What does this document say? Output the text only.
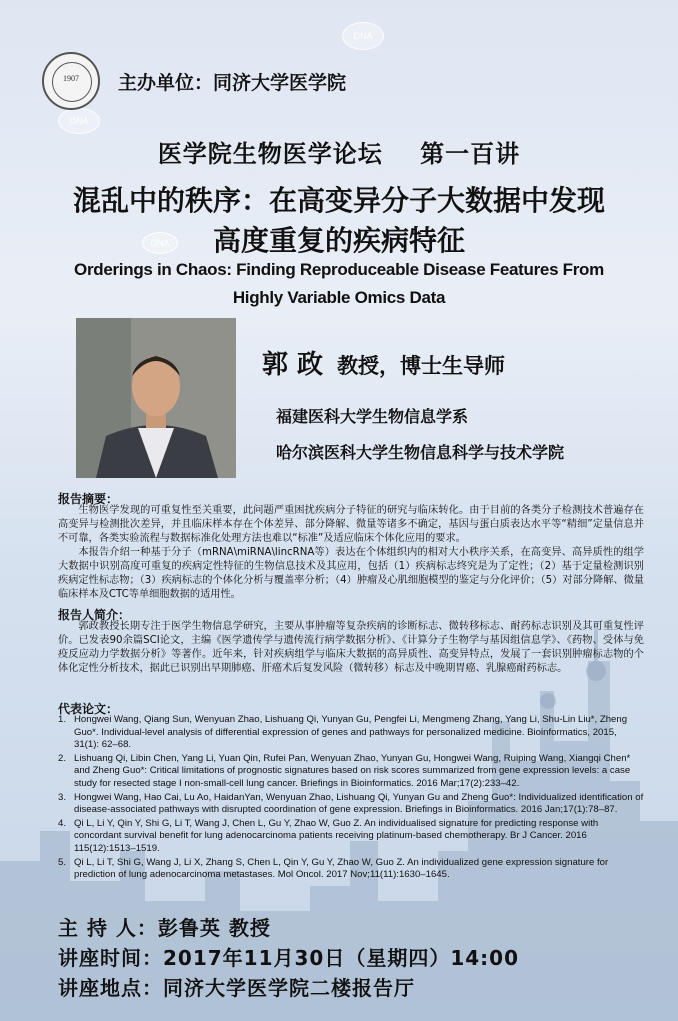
DNA
DNA
DNA
1907	主办单位：同济大学医学院
医学院生物医学论坛 第一百讲
混乱中的秩序：在高变异分子大数据中发现
高度重复的疾病特征
Orderings in Chaos: Finding Reproduceable Disease Features From
Highly Variable Omics Data
郭 政 教授，博士生导师
福建医科大学生物信息学系
哈尔滨医科大学生物信息科学与技术学院
报告摘要：

生物医学发现的可重复性至关重要，此问题严重困扰疾病分子特征的研究与临床转化。由于目前的各类分子检测技术普遍存在高变异与检测批次差异，并且临床样本存在个体差异、部分降解、微量等诸多不确定，基因与蛋白质表达水平等“精细”定量信息并不可靠，各类实验流程与数据标准化处理方法也难以“标准”及适应临床个体化应用的要求。

本报告介绍一种基于分子（mRNA\miRNA\lincRNA等）表达在个体组织内的相对大小秩序关系，在高变异、高异质性的组学大数据中识别高度可重复的疾病定性特征的生物信息技术及其应用，包括（1）疾病标志终究是为了定性；（2）基于定量检测识别疾病定性标志物；（3）疾病标志的个体化分析与覆盖率分析；（4）肿瘤及心肌细胞模型的鉴定与分化评价；（5）对部分降解、微量临床样本及CTC等单细胞数据的适用性。

报告人简介：

郭政教授长期专注于医学生物信息学研究，主要从事肿瘤等复杂疾病的诊断标志、微转移标志、耐药标志识别及其可重复性评价。已发表90余篇SCI论文，主编《医学遗传学与遗传流行病学数据分析》、《计算分子生物学与基因组信息学》、《药物、受体与免疫反应动力学数据分析》等著作。近年来，针对疾病组学与临床大数据的高异质性、高变异特点，发展了一套识别肿瘤标志物的个体化定性分析技术，据此已识别出早期肺癌、肝癌术后复发风险（微转移）标志及中晚期胃癌、乳腺癌耐药标志。

代表论文：
1. Hongwei Wang, Qiang Sun, Wenyuan Zhao, Lishuang Qi, Yunyan Gu, Pengfei Li, Mengmeng Zhang, Yang Li, Shu-Lin Liu*, Zheng Guo*. Individual-level analysis of differential expression of genes and pathways for personalized medicine. Bioinformatics, 2015, 31(1): 62–68.
2. Lishuang Qi, Libin Chen, Yang Li, Yuan Qin, Rufei Pan, Wenyuan Zhao, Yunyan Gu, Hongwei Wang, Ruiping Wang, Xiangqi Chen* and Zheng Guo*: Critical limitations of prognostic signatures based on risk scores summarized from gene expression levels: a case study for resected stage I non-small-cell lung cancer. Briefings in Bioinformatics. 2016 Mar;17(2):233–42.
3. Hongwei Wang, Hao Cai, Lu Ao, HaidanYan, Wenyuan Zhao, Lishuang Qi, Yunyan Gu and Zheng Guo*: Individualized identification of disease-associated pathways with disrupted coordination of gene expression. Briefings in Bioinformatics. 2016 Jan;17(1):78–87.
4. Qi L, Li Y, Qin Y, Shi G, Li T, Wang J, Chen L, Gu Y, Zhao W, Guo Z. An individualised signature for predicting response with concordant survival benefit for lung adenocarcinoma patients receiving platinum-based chemotherapy. Br J Cancer. 2016 115(12):1513–1519.
5. Qi L, Li T, Shi G, Wang J, Li X, Zhang S, Chen L, Qin Y, Gu Y, Zhao W, Guo Z. An individualized gene expression signature for prediction of lung adenocarcinoma metastases. Mol Oncol. 2017 Nov;11(11):1630–1645.
主 持 人：彭鲁英 教授
讲座时间：2017年11月30日（星期四）14:00
讲座地点：同济大学医学院二楼报告厅
